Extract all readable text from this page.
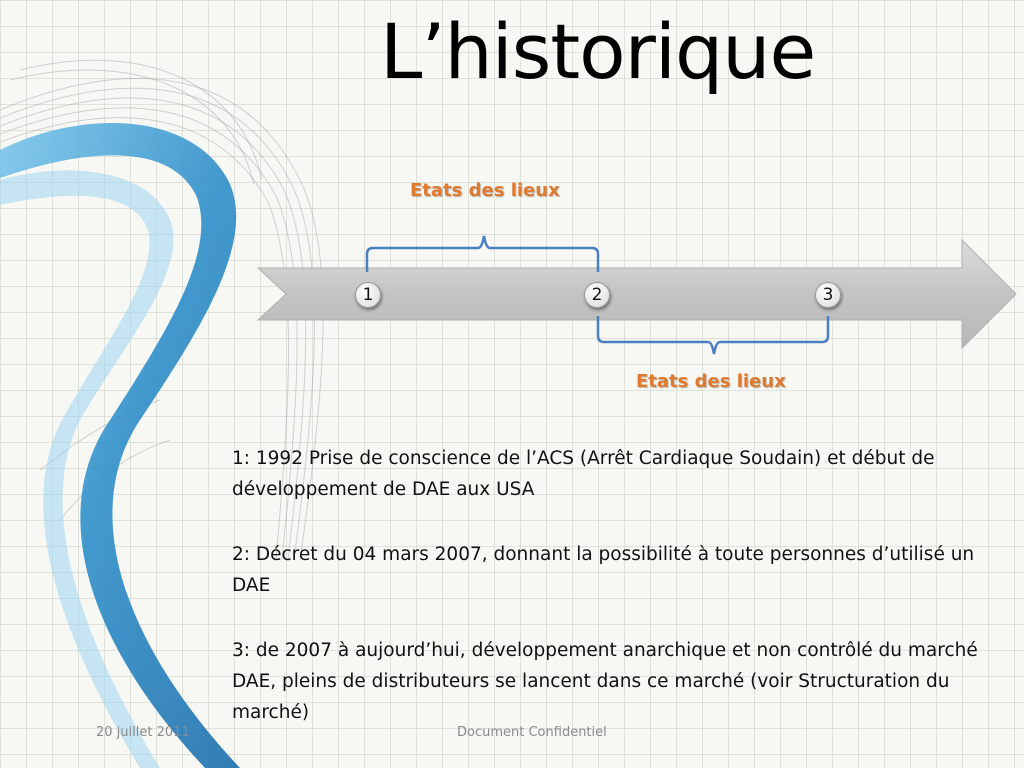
L’historique
Etats des lieux
Etats des lieux
1	2	3

1: 1992 Prise de conscience de l’ACS (Arrêt Cardiaque Soudain) et début de développement de DAE aux USA

2: Décret du 04 mars 2007, donnant la possibilité à toute personnes d’utilisé un DAE

3: de 2007 à aujourd’hui, développement anarchique et non contrôlé du marché DAE, pleins de distributeurs se lancent dans ce marché (voir Structuration du marché)

20 juillet 2011	Document Confidentiel
